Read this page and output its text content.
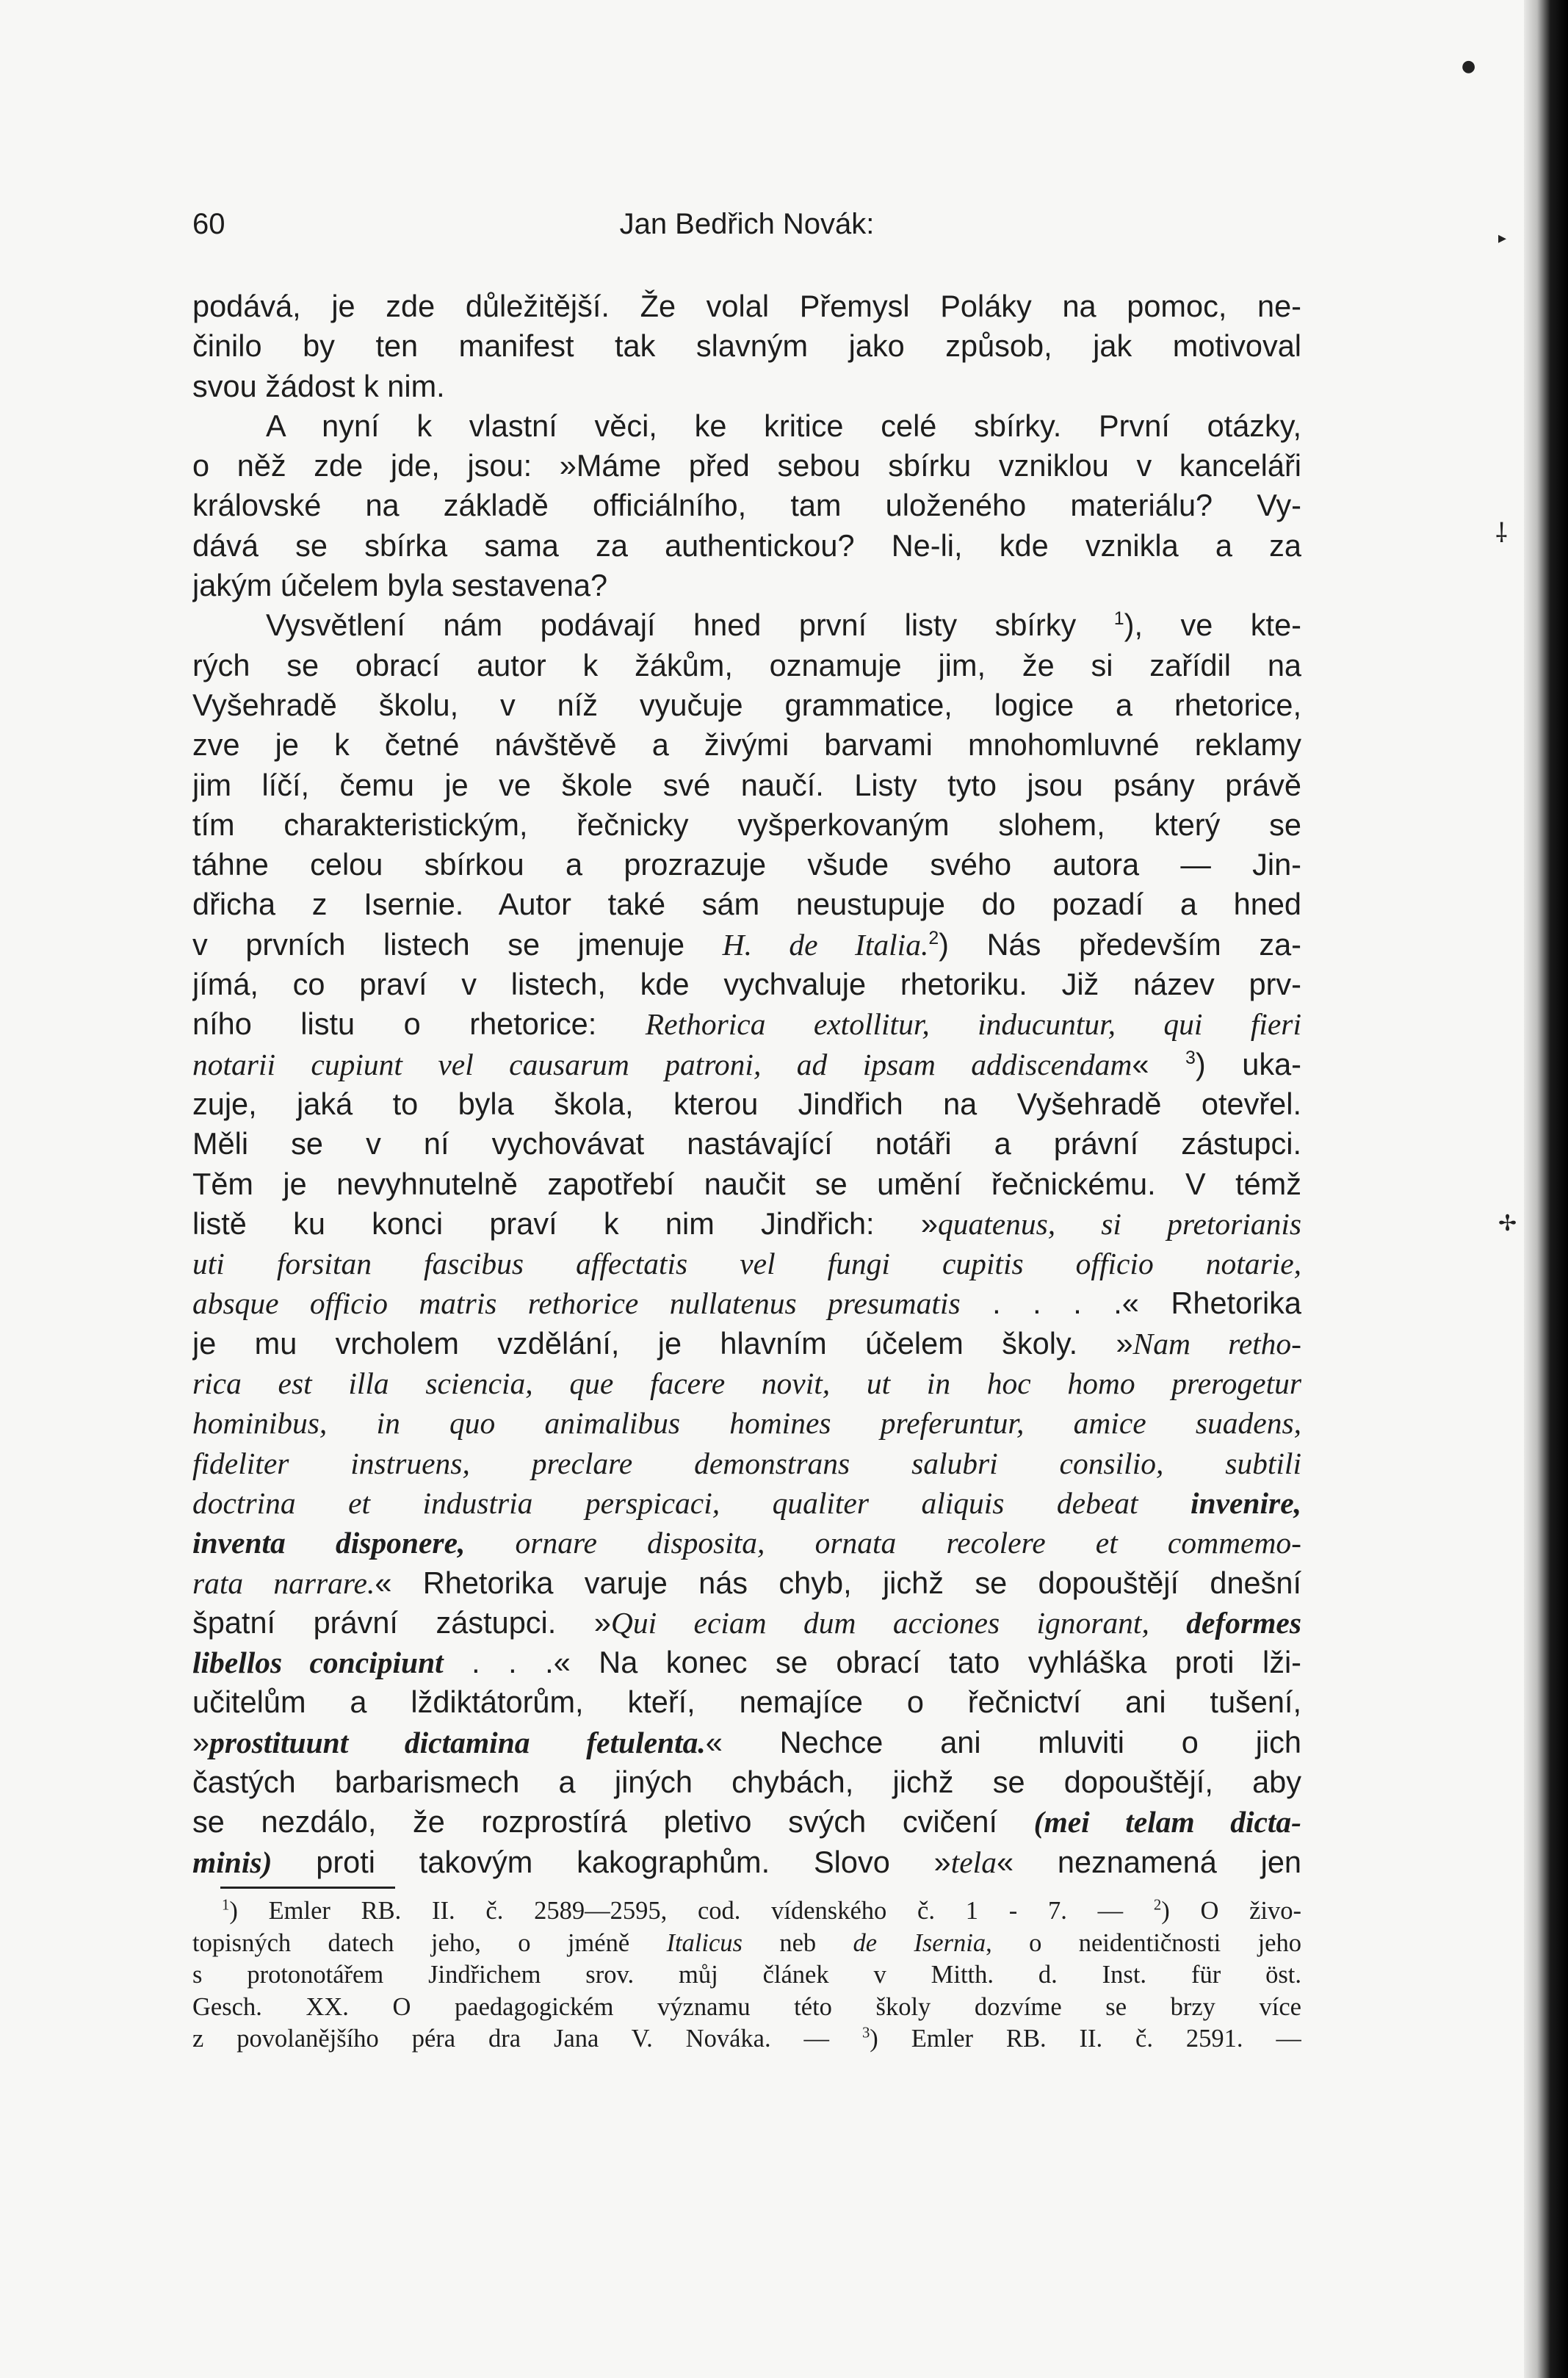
60	Jan Bedřich Novák:
podává, je zde důležitější. Že volal Přemysl Poláky na pomoc, ne-
činilo by ten manifest tak slavným jako způsob, jak motivoval
svou žádost k nim.
A nyní k vlastní věci, ke kritice celé sbírky. První otázky,
o něž zde jde, jsou: »Máme před sebou sbírku vzniklou v kanceláři
královské na základě officiálního, tam uloženého materiálu? Vy-
dává se sbírka sama za authentickou? Ne-li, kde vznikla a za
jakým účelem byla sestavena?
Vysvětlení nám podávají hned první listy sbírky $^1$), ve kte-
rých se obrací autor k žákům, oznamuje jim, že si zařídil na
Vyšehradě školu, v níž vyučuje grammatice, logice a rhetorice,
zve je k četné návštěvě a živými barvami mnohomluvné reklamy
jim líčí, čemu je ve škole své naučí. Listy tyto jsou psány právě
tím charakteristickým, řečnicky vyšperkovaným slohem, který se
táhne celou sbírkou a prozrazuje všude svého autora — Jin-
dřicha z Isernie. Autor také sám neustupuje do pozadí a hned
v prvních listech se jmenuje H. de Italia.$^2$) Nás především za-
jímá, co praví v listech, kde vychvaluje rhetoriku. Již název prv-
ního listu o rhetorice: Rethorica extollitur, inducuntur, qui fieri
notarii cupiunt vel causarum patroni, ad ipsam addiscendam« $^3$) uka-
zuje, jaká to byla škola, kterou Jindřich na Vyšehradě otevřel.
Měli se v ní vychovávat nastávající notáři a právní zástupci.
Těm je nevyhnutelně zapotřebí naučit se umění řečnickému. V témž
listě ku konci praví k nim Jindřich: »quatenus, si pretorianis
uti forsitan fascibus affectatis vel fungi cupitis officio notarie,
absque officio matris rethorice nullatenus presumatis . . . .« Rhetorika
je mu vrcholem vzdělání, je hlavním účelem školy. »Nam retho-
rica est illa sciencia, que facere novit, ut in hoc homo prerogetur
hominibus, in quo animalibus homines preferuntur, amice suadens,
fideliter instruens, preclare demonstrans salubri consilio, subtili
doctrina et industria perspicaci, qualiter aliquis debeat invenire,
inventa disponere, ornare disposita, ornata recolere et commemo-
rata narrare.« Rhetorika varuje nás chyb, jichž se dopouštějí dnešní
špatní právní zástupci. »Qui eciam dum acciones ignorant, deformes
libellos concipiunt . . .« Na konec se obrací tato vyhláška proti lži-
učitelům a lždiktátorům, kteří, nemajíce o řečnictví ani tušení,
»prostituunt dictamina fetulenta.« Nechce ani mluviti o jich
častých barbarismech a jiných chybách, jichž se dopouštějí, aby
se nezdálo, že rozprostírá pletivo svých cvičení (mei telam dicta-
minis) proti takovým kakographům. Slovo »tela« neznamená jen
$^1$) Emler RB. II. č. 2589—2595, cod. vídenského č. 1 - 7. — $^2$) O živo-
topisných datech jeho, o jméně Italicus neb de Isernia, o neidentičnosti jeho
s protonotářem Jindřichem srov. můj článek v Mitth. d. Inst. für öst.
Gesch. XX. O paedagogickém významu této školy dozvíme se brzy více
z povolanějšího péra dra Jana V. Nováka. — $^3$) Emler RB. II. č. 2591. —
●
▸
⸸
✢
